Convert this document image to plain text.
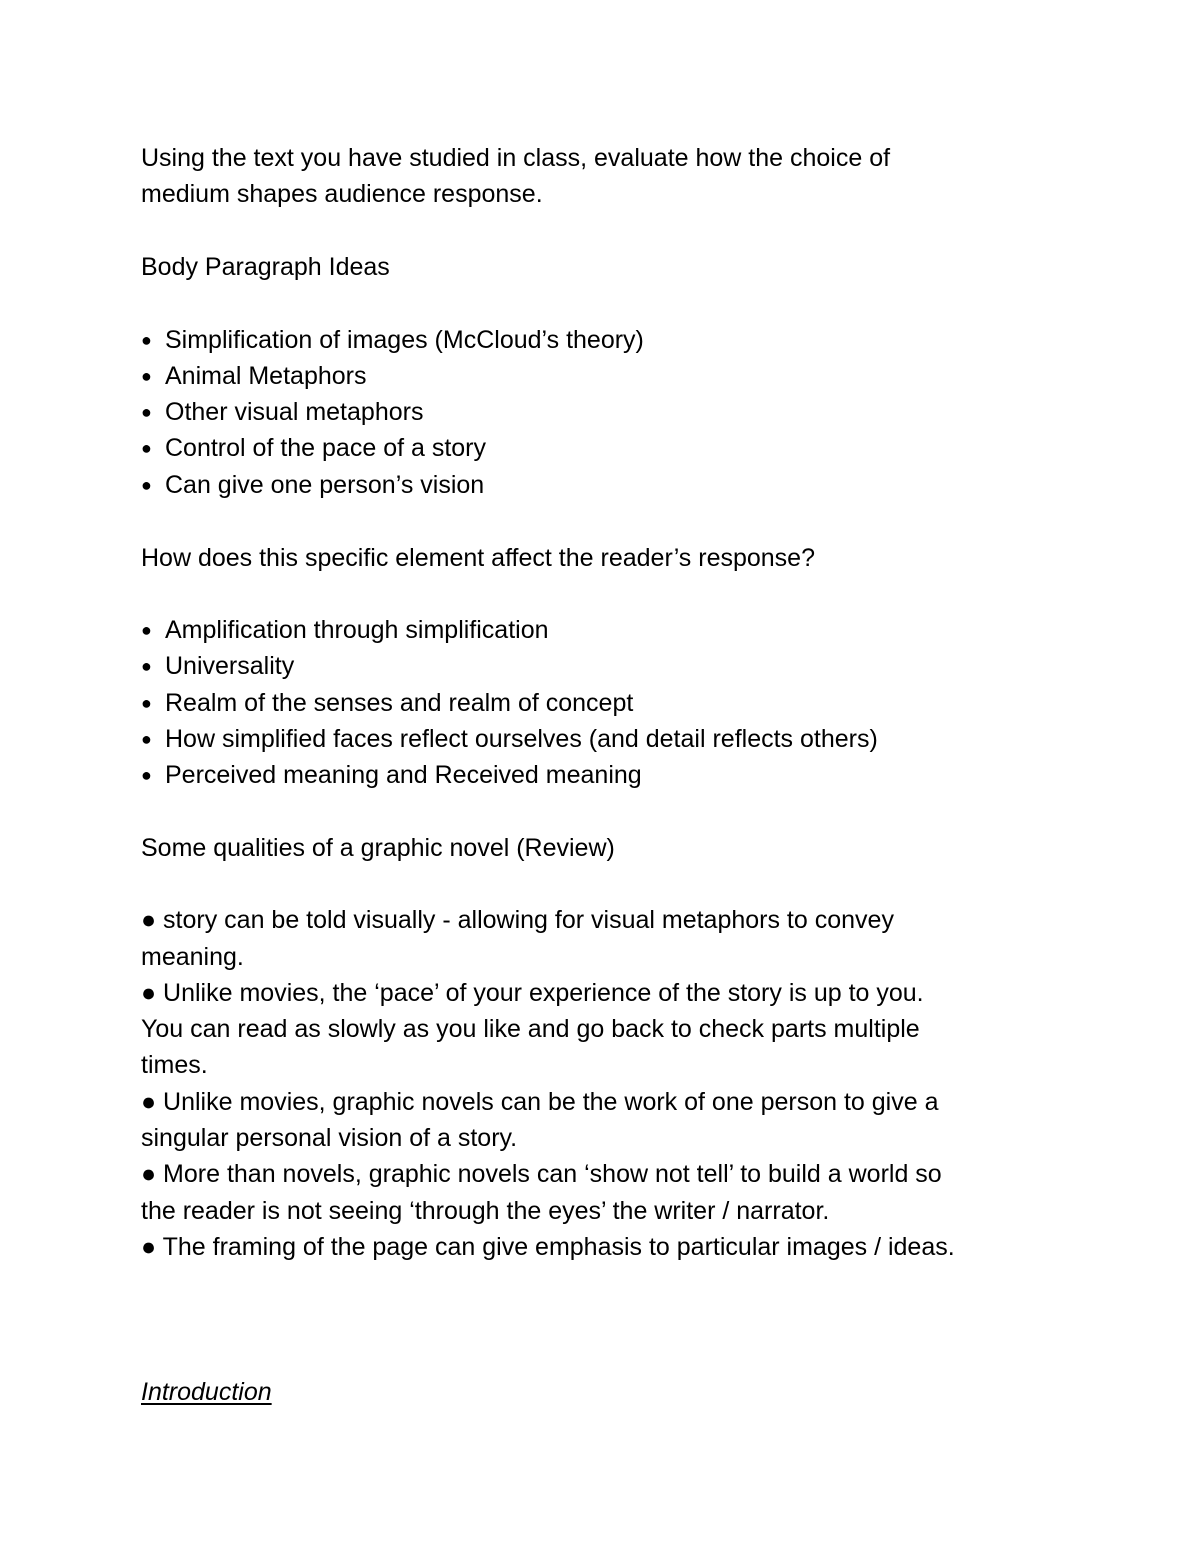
Using the text you have studied in class, evaluate how the choice of
medium shapes audience response.
Body Paragraph Ideas
● Simplification of images (McCloud’s theory)
● Animal Metaphors
● Other visual metaphors
● Control of the pace of a story
● Can give one person’s vision
How does this specific element affect the reader’s response?
● Amplification through simplification
● Universality
● Realm of the senses and realm of concept
● How simplified faces reflect ourselves (and detail reflects others)
● Perceived meaning and Received meaning
Some qualities of a graphic novel (Review)
● story can be told visually - allowing for visual metaphors to convey
meaning.
● Unlike movies, the ‘pace’ of your experience of the story is up to you.
You can read as slowly as you like and go back to check parts multiple
times.
● Unlike movies, graphic novels can be the work of one person to give a
singular personal vision of a story.
● More than novels, graphic novels can ‘show not tell’ to build a world so
the reader is not seeing ‘through the eyes’ the writer / narrator.
● The framing of the page can give emphasis to particular images / ideas.
Introduction
